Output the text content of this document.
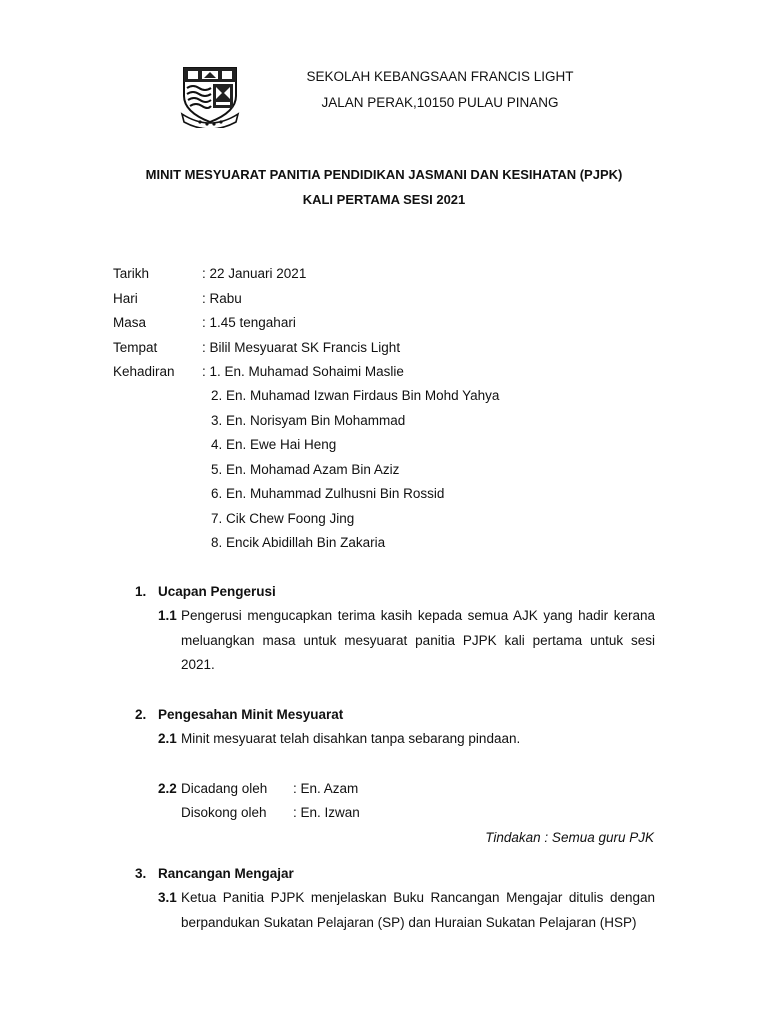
SEKOLAH KEBANGSAAN FRANCIS LIGHT
JALAN PERAK,10150 PULAU PINANG
MINIT MESYUARAT PANITIA PENDIDIKAN JASMANI DAN KESIHATAN (PJPK)
KALI PERTAMA SESI 2021
Tarikh	: 22 Januari 2021
Hari	: Rabu
Masa	: 1.45 tengahari
Tempat	: Bilil Mesyuarat SK Francis Light
Kehadiran : 1. En. Muhamad Sohaimi Maslie
2. En. Muhamad Izwan Firdaus Bin Mohd Yahya
3. En. Norisyam Bin Mohammad
4. En. Ewe Hai Heng
5. En. Mohamad Azam Bin Aziz
6. En. Muhammad Zulhusni Bin Rossid
7. Cik Chew Foong Jing
8. Encik Abidillah Bin Zakaria
1. Ucapan Pengerusi
1.1 Pengerusi mengucapkan terima kasih kepada semua AJK yang hadir kerana meluangkan masa untuk mesyuarat panitia PJPK kali pertama untuk sesi 2021.
2. Pengesahan Minit Mesyuarat
2.1 Minit mesyuarat telah disahkan tanpa sebarang pindaan.
2.2 Dicadang oleh : En. Azam
Disokong oleh : En. Izwan
Tindakan : Semua guru PJK
3. Rancangan Mengajar
3.1 Ketua Panitia PJPK menjelaskan Buku Rancangan Mengajar ditulis dengan berpandukan Sukatan Pelajaran (SP) dan Huraian Sukatan Pelajaran (HSP)
